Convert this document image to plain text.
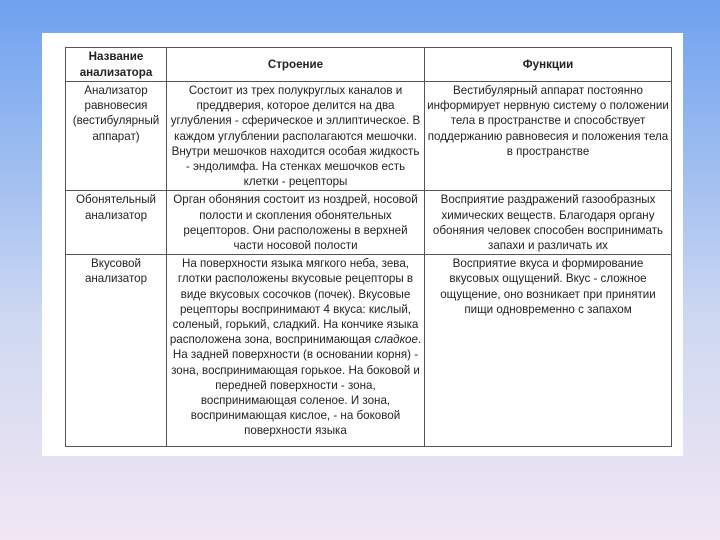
Название анализатора	Строение	Функции
Анализатор равновесия (вестибулярный аппарат)	Состоит из трех полукруглых каналов и преддверия, которое делится на два углубления - сферическое и эллиптическое. В каждом углублении располагаются мешочки. Внутри мешочков находится особая жидкость - эндолимфа. На стенках мешочков есть клетки - рецепторы	Вестибулярный аппарат постоянно информирует нервную систему о положении тела в пространстве и способствует поддержанию равновесия и положения тела в пространстве
Обонятельный анализатор	Орган обоняния состоит из ноздрей, носовой полости и скопления обонятельных рецепторов. Они расположены в верхней части носовой полости	Восприятие раздражений газообразных химических веществ. Благодаря органу обоняния человек способен воспринимать запахи и различать их
Вкусовой анализатор	На поверхности языка мягкого неба, зева, глотки расположены вкусовые рецепторы в виде вкусовых сосочков (почек). Вкусовые рецепторы воспринимают 4 вкуса: кислый, соленый, горький, сладкий. На кончике языка расположена зона, воспринимающая сладкое. На задней поверхности (в основании корня) - зона, воспринимающая горькое. На боковой и передней поверхности - зона, воспринимающая соленое. И зона, воспринимающая кислое, - на боковой поверхности языка	Восприятие вкуса и формирование вкусовых ощущений. Вкус - сложное ощущение, оно возникает при принятии пищи одновременно с запахом
